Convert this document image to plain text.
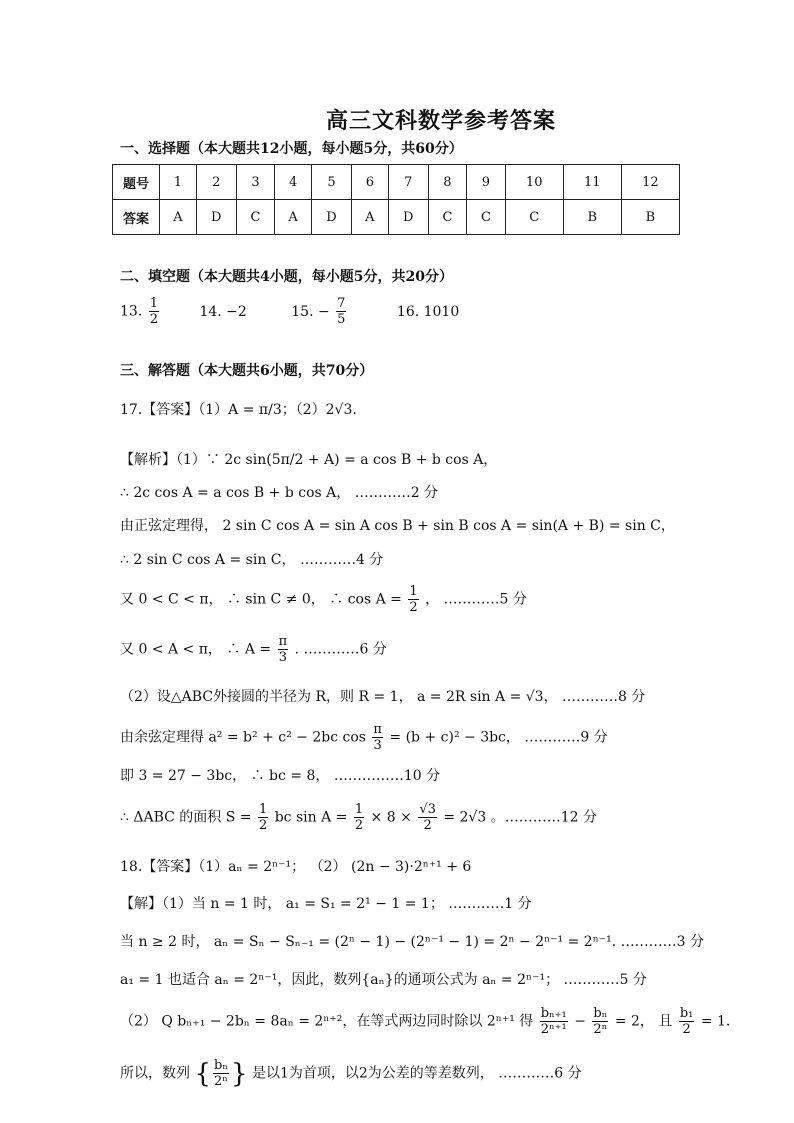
高三文科数学参考答案
一、选择题（本大题共12小题，每小题5分，共60分）
题号	1	2	3	4	5	6	7	8	9	10	11	12
答案	A	D	C	A	D	A	D	C	C	C	B	B
二、填空题（本大题共4小题，每小题5分，共20分）
13. $\frac{1}{2}$	14. −2	15. − $\frac{7}{5}$	16. 1010
三、解答题（本大题共6小题，共70分）
17.【答案】（1）A = π/3；（2）2√3.
【解析】（1）∵ 2c sin(5π/2 + A) = a cos B + b cos A，
∴ 2c cos A = a cos B + b cos A， …………2 分
由正弦定理得， 2 sin C cos A = sin A cos B + sin B cos A = sin(A + B) = sin C，
∴ 2 sin C cos A = sin C， …………4 分
又 0 < C < π， ∴ sin C ≠ 0， ∴ $\cos A = \frac{1}{2}$ ， …………5 分
又 0 < A < π， ∴ $A = \frac{\pi}{3}$ . …………6 分
（2）设△ABC外接圆的半径为 R，则 R = 1， a = 2R sin A = √3， …………8 分
由余弦定理得 a² = b² + c² − 2bc $\cos \frac{\pi}{3} = (b + c)^2 - 3bc$， …………9 分
即 3 = 27 − 3bc， ∴ bc = 8， ……………10 分
∴ ΔABC 的面积 $S = \frac{1}{2}$ bc $\sin A = \frac{1}{2} \times 8 \times \frac{√3}{2} = 2√3$ 。…………12 分
18.【答案】（1）aₙ = 2ⁿ⁻¹； （2） (2n − 3)·2ⁿ⁺¹ + 6
【解】（1）当 n = 1 时， a₁ = S₁ = 2¹ − 1 = 1； …………1 分
当 n ≥ 2 时， aₙ = Sₙ − Sₙ₋₁ = (2ⁿ − 1) − (2ⁿ⁻¹ − 1) = 2ⁿ − 2ⁿ⁻¹ = 2ⁿ⁻¹. …………3 分
a₁ = 1 也适合 aₙ = 2ⁿ⁻¹，因此，数列{aₙ}的通项公式为 aₙ = 2ⁿ⁻¹； …………5 分
（2） Q bₙ₊₁ − 2bₙ = 8aₙ = 2ⁿ⁺²，在等式两边同时除以 2ⁿ⁺¹ 得 $\frac{\text{bₙ₊₁}}{\text{2ⁿ⁺¹}} - \frac{\text{bₙ}}{\text{2ⁿ}} = 2$， 且 $\frac{\text{b₁}}{2} = 1$.
所以，数列 { $\frac{\text{bₙ}}{\text{2ⁿ}}$ } 是以1为首项，以2为公差的等差数列， …………6 分
